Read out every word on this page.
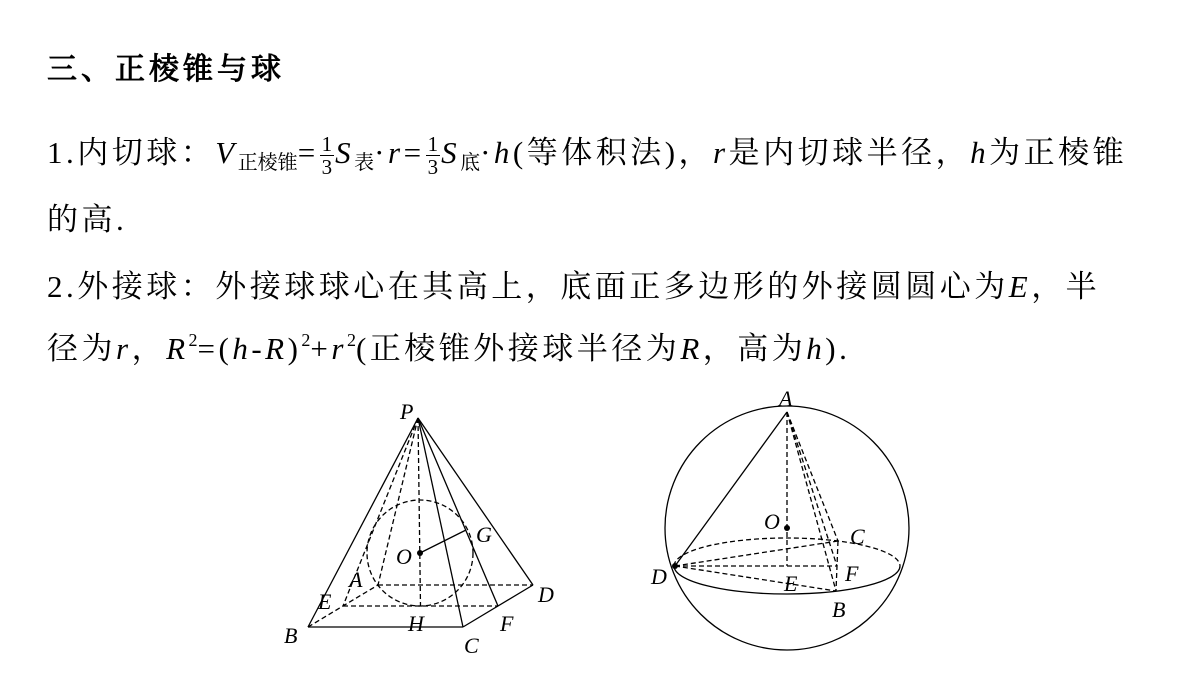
P
G
O
A
E	D
B	H
C
F
A
O
C
D	F
E
B
三、正棱锥与球
1.内切球：$V_{正棱锥}= \frac{1}{3} S_表\cdot r= \frac{1}{3} S_底\cdot h$(等体积法)，r是内切球半径，h为正棱锥
的高.
2.外接球：外接球球心在其高上，底面正多边形的外接圆圆心为E，半
径为r，$R^2=(h-R)^2+r^2$(正棱锥外接球半径为R，高为h).
